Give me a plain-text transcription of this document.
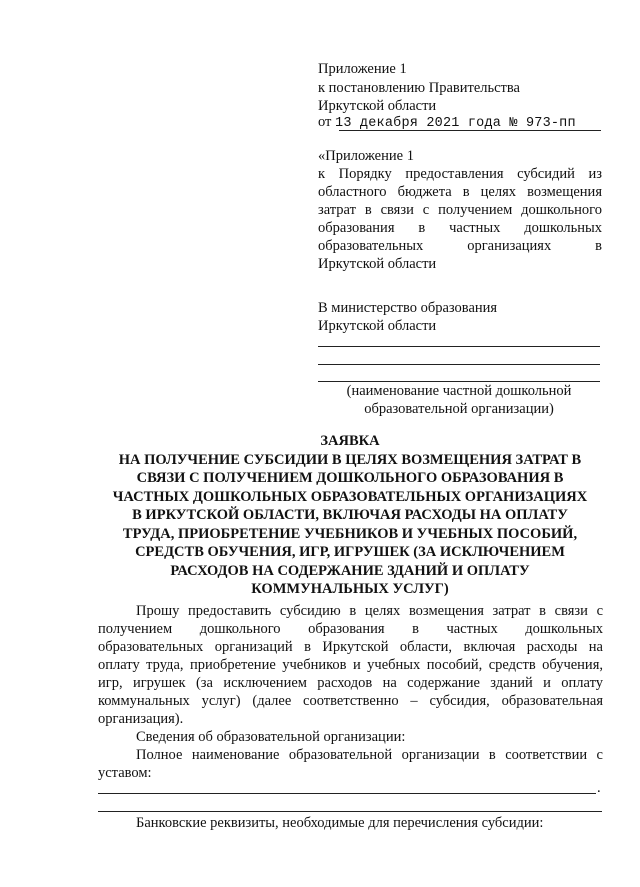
Приложение 1
к постановлению Правительства
Иркутской области
от 13 декабря 2021 года № 973-пп
«Приложение 1
к Порядку предоставления субсидий из
областного бюджета в целях возмещения
затрат в связи с получением дошкольного
образования в частных дошкольных
образовательных организациях в
Иркутской области
В министерство образования
Иркутской области
(наименование частной дошкольной
образовательной организации)
ЗАЯВКА
НА ПОЛУЧЕНИЕ СУБСИДИИ В ЦЕЛЯХ ВОЗМЕЩЕНИЯ ЗАТРАТ В
СВЯЗИ С ПОЛУЧЕНИЕМ ДОШКОЛЬНОГО ОБРАЗОВАНИЯ В
ЧАСТНЫХ ДОШКОЛЬНЫХ ОБРАЗОВАТЕЛЬНЫХ ОРГАНИЗАЦИЯХ
В ИРКУТСКОЙ ОБЛАСТИ, ВКЛЮЧАЯ РАСХОДЫ НА ОПЛАТУ
ТРУДА, ПРИОБРЕТЕНИЕ УЧЕБНИКОВ И УЧЕБНЫХ ПОСОБИЙ,
СРЕДСТВ ОБУЧЕНИЯ, ИГР, ИГРУШЕК (ЗА ИСКЛЮЧЕНИЕМ
РАСХОДОВ НА СОДЕРЖАНИЕ ЗДАНИЙ И ОПЛАТУ
КОММУНАЛЬНЫХ УСЛУГ)
Прошу предоставить субсидию в целях возмещения затрат в связи с
получением дошкольного образования в частных дошкольных
образовательных организаций в Иркутской области, включая расходы на
оплату труда, приобретение учебников и учебных пособий, средств обучения,
игр, игрушек (за исключением расходов на содержание зданий и оплату
коммунальных услуг) (далее соответственно – субсидия, образовательная
организация).
Сведения об образовательной организации:
Полное наименование образовательной организации в соответствии с
уставом:
.
Банковские реквизиты, необходимые для перечисления субсидии:
